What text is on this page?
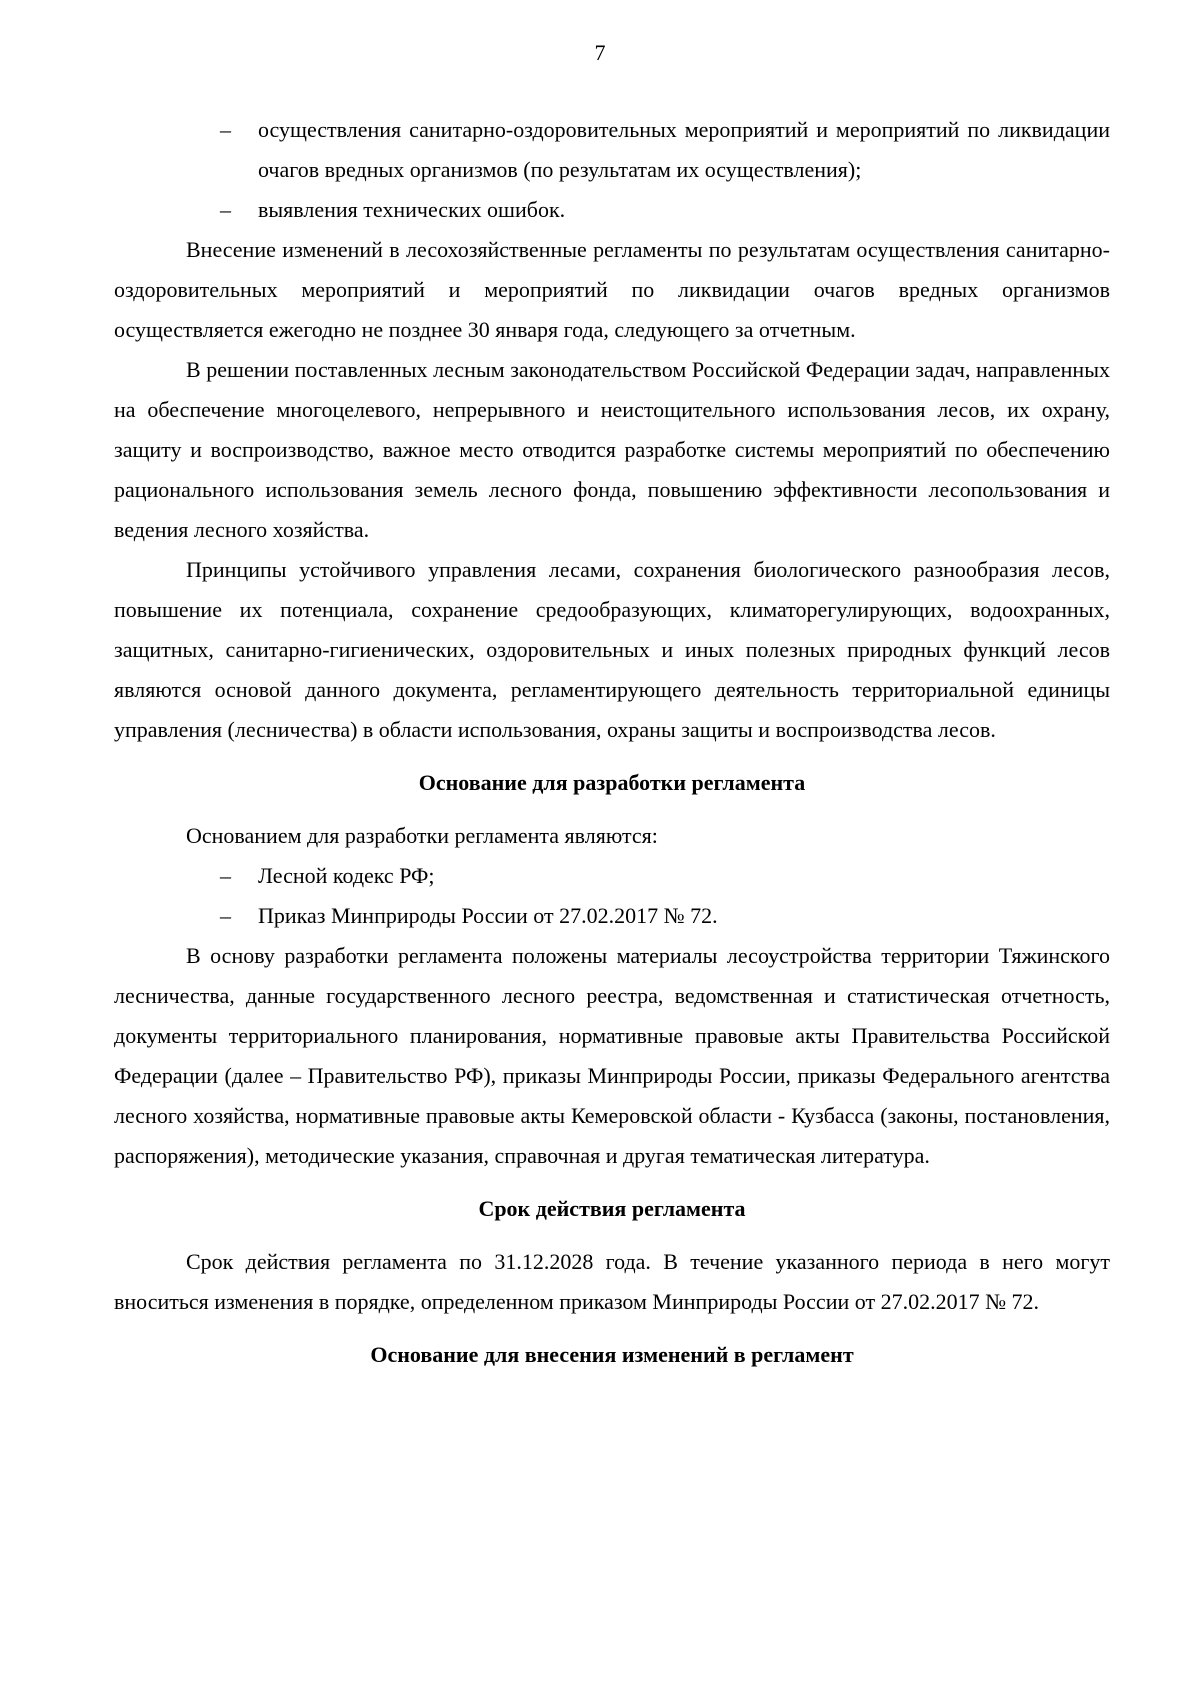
7
– осуществления санитарно-оздоровительных мероприятий и мероприятий по ликвидации очагов вредных организмов (по результатам их осуществления);
– выявления технических ошибок.

Внесение изменений в лесохозяйственные регламенты по результатам осуществления санитарно-оздоровительных мероприятий и мероприятий по ликвидации очагов вредных организмов осуществляется ежегодно не позднее 30 января года, следующего за отчетным.

В решении поставленных лесным законодательством Российской Федерации задач, направленных на обеспечение многоцелевого, непрерывного и неистощительного использования лесов, их охрану, защиту и воспроизводство, важное место отводится разработке системы мероприятий по обеспечению рационального использования земель лесного фонда, повышению эффективности лесопользования и ведения лесного хозяйства.

Принципы устойчивого управления лесами, сохранения биологического разнообразия лесов, повышение их потенциала, сохранение средообразующих, климаторегулирующих, водоохранных, защитных, санитарно-гигиенических, оздоровительных и иных полезных природных функций лесов являются основой данного документа, регламентирующего деятельность территориальной единицы управления (лесничества) в области использования, охраны защиты и воспроизводства лесов.

Основание для разработки регламента

Основанием для разработки регламента являются:

– Лесной кодекс РФ;
– Приказ Минприроды России от 27.02.2017 № 72.

В основу разработки регламента положены материалы лесоустройства территории Тяжинского лесничества, данные государственного лесного реестра, ведомственная и статистическая отчетность, документы территориального планирования, нормативные правовые акты Правительства Российской Федерации (далее – Правительство РФ), приказы Минприроды России, приказы Федерального агентства лесного хозяйства, нормативные правовые акты Кемеровской области - Кузбасса (законы, постановления, распоряжения), методические указания, справочная и другая тематическая литература.

Срок действия регламента

Срок действия регламента по 31.12.2028 года. В течение указанного периода в него могут вноситься изменения в порядке, определенном приказом Минприроды России от 27.02.2017 № 72.

Основание для внесения изменений в регламент
